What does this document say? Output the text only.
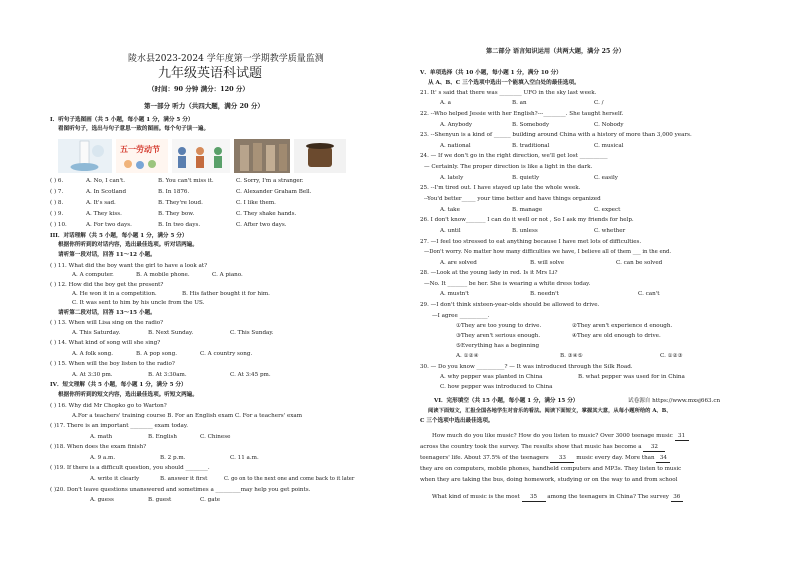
陵水县2023-2024 学年度第一学期教学质量监测
九年级英语科试题
（时间：90 分钟 满分：120 分）
第一部分 听力（共四大题，满分 20 分）
I．听句子选图画（共 5 小题，每小题 1 分，满分 5 分）
看图听句子，选出与句子意思一致的图画。每个句子读一遍。
五一劳动节
( ) 6.	A. No, I can't.	B. You can't miss it.	C. Sorry, I'm a stranger.
( ) 7.	A. In Scotland	B. In 1876.	C. Alexander Graham Bell.
( ) 8.	A. It's sad.	B. They're loud.	C. I like them.
( ) 9.	A. They kiss.	B. They bow.	C. They shake hands.
( ) 10.	A. For two days.	B. In two days.	C. After two days.
III．对话理解（共 5 小题，每小题 1 分，满分 5 分）
根据你所听到的对话内容，选出最佳选项。听对话两遍。
请听第一段对话，回答 11～12 小题。
( ) 11. What did the boy want the girl to have a look at?
A. A computer.	B. A mobile phone.	C. A piano.
( ) 12. How did the boy get the present?
A. He won it in a competition.	B. His father bought it for him.
C. It was sent to him by his uncle from the US.
请听第二段对话，回答 13～15 小题。
( ) 13. When will Lisa sing on the radio?
A. This Saturday.	B. Next Sunday.	C. This Sunday.
( ) 14. What kind of song will she sing?
A. A folk song.	B. A pop song.	C. A country song.
( ) 15. When will the boy listen to the radio?
A. At 3:30 pm.	B. At 3:30am.	C. At 3:45 pm.
IV．短文理解（共 5 小题，每小题 1 分，满分 5 分）
根据你所听到的短文内容，选出最佳选项。听短文两遍。
( ) 16. Why did Mr Chopko go to Warton?
A.For a teachers' training course B. For an English exam C. For a teachers' exam
( )17. There is an important ________ exam today.
A. math	B. English	C. Chinese
( )18. When does the exam finish?
A. 9 a.m.	B. 2 p.m.	C. 11 a.m.
( )19. If there is a difficult question, you should ________.
A. write it clearly	B. answer it first	C. go on to the next one and come back to it later
( )20. Don't leave questions unanswered and sometimes a _________may help you get points.
A. guess	B. guest	C. gate
第二部分 语言知识运用（共两大题，满分 25 分）
V．单项选择（共 10 小题，每小题 1 分，满分 10 分）
从 A、B、C 三个选项中选出一个能填入空白处的最佳选项。
21. It' s said that there was ________ UFO in the sky last week.
A. a	B. an	C. /
22. --Who helped Jessie with her English?---________. She taught herself.
A. Anybody	B. Somebody	C. Nobody
23. --Shenyun is a kind of ______ building around China with a history of more than 3,000 years.
A. national	B. traditional	C. musical
24. — If we don't go in the right direction, we'll get lost __________
— Certainly. The proper direction is like a light in the dark.
A. lately	B. quietly	C. easily
25. --I'm tired out. I have stayed up late the whole week.
--You'd better_____ your time better and have things organized
A. take	B. manage	C. expect
26. I don't know_______ I can do it well or not , So I ask my friends for help.
A. until	B. unless	C. whether
27. —I feel too stressed to eat anything because I have met lots of difficulties.
—Don't worry. No matter how many difficulties we have, I believe all of them ___ in the end.
A. are solved	B. will solve	C. can be solved
28. —Look at the young lady in red. Is it Mrs Li?
—No. It _______ be her. She is wearing a white dress today.
A. mustn't	B. needn't	C. can't
29. —I don't think sixteen-year-olds should be allowed to drive.
—I agree __________.
①They are too young to drive.	②They aren't experience d enough.
③They aren't serious enough.	④They are old enough to drive.
⑤Everything has a beginning
A. ①②④	B. ③④⑤	C. ①②③
30. — Do you know __________? — It was introduced through the Silk Road.
A. why pepper was planted in China	B. what pepper was used for in China
C. how pepper was introduced to China
VI．完形填空（共 15 小题，每小题 1 分，满分 15 分）	试卷源自 https://www.mxsj663.cn
阅读下面短文，汇报全国各地学生对音乐的看法。阅读下面短文，掌握其大意，从每小题所给的 A、B、
C 三个选项中选出最佳选项。
How much do you like music? How do you listen to music? Over 3000 teenage music 31
across the country took the survey. The results show that music has become a 32
teenagers' life. About 37.5% of the teenagers 33 music every day. More than 34
they are on computers, mobile phones, handheld computers and MP3s. They listen to music
when they are taking the bus, doing homework, studying or on the way to and from school
What kind of music is the most 35 among the teenagers in China? The survey 36
